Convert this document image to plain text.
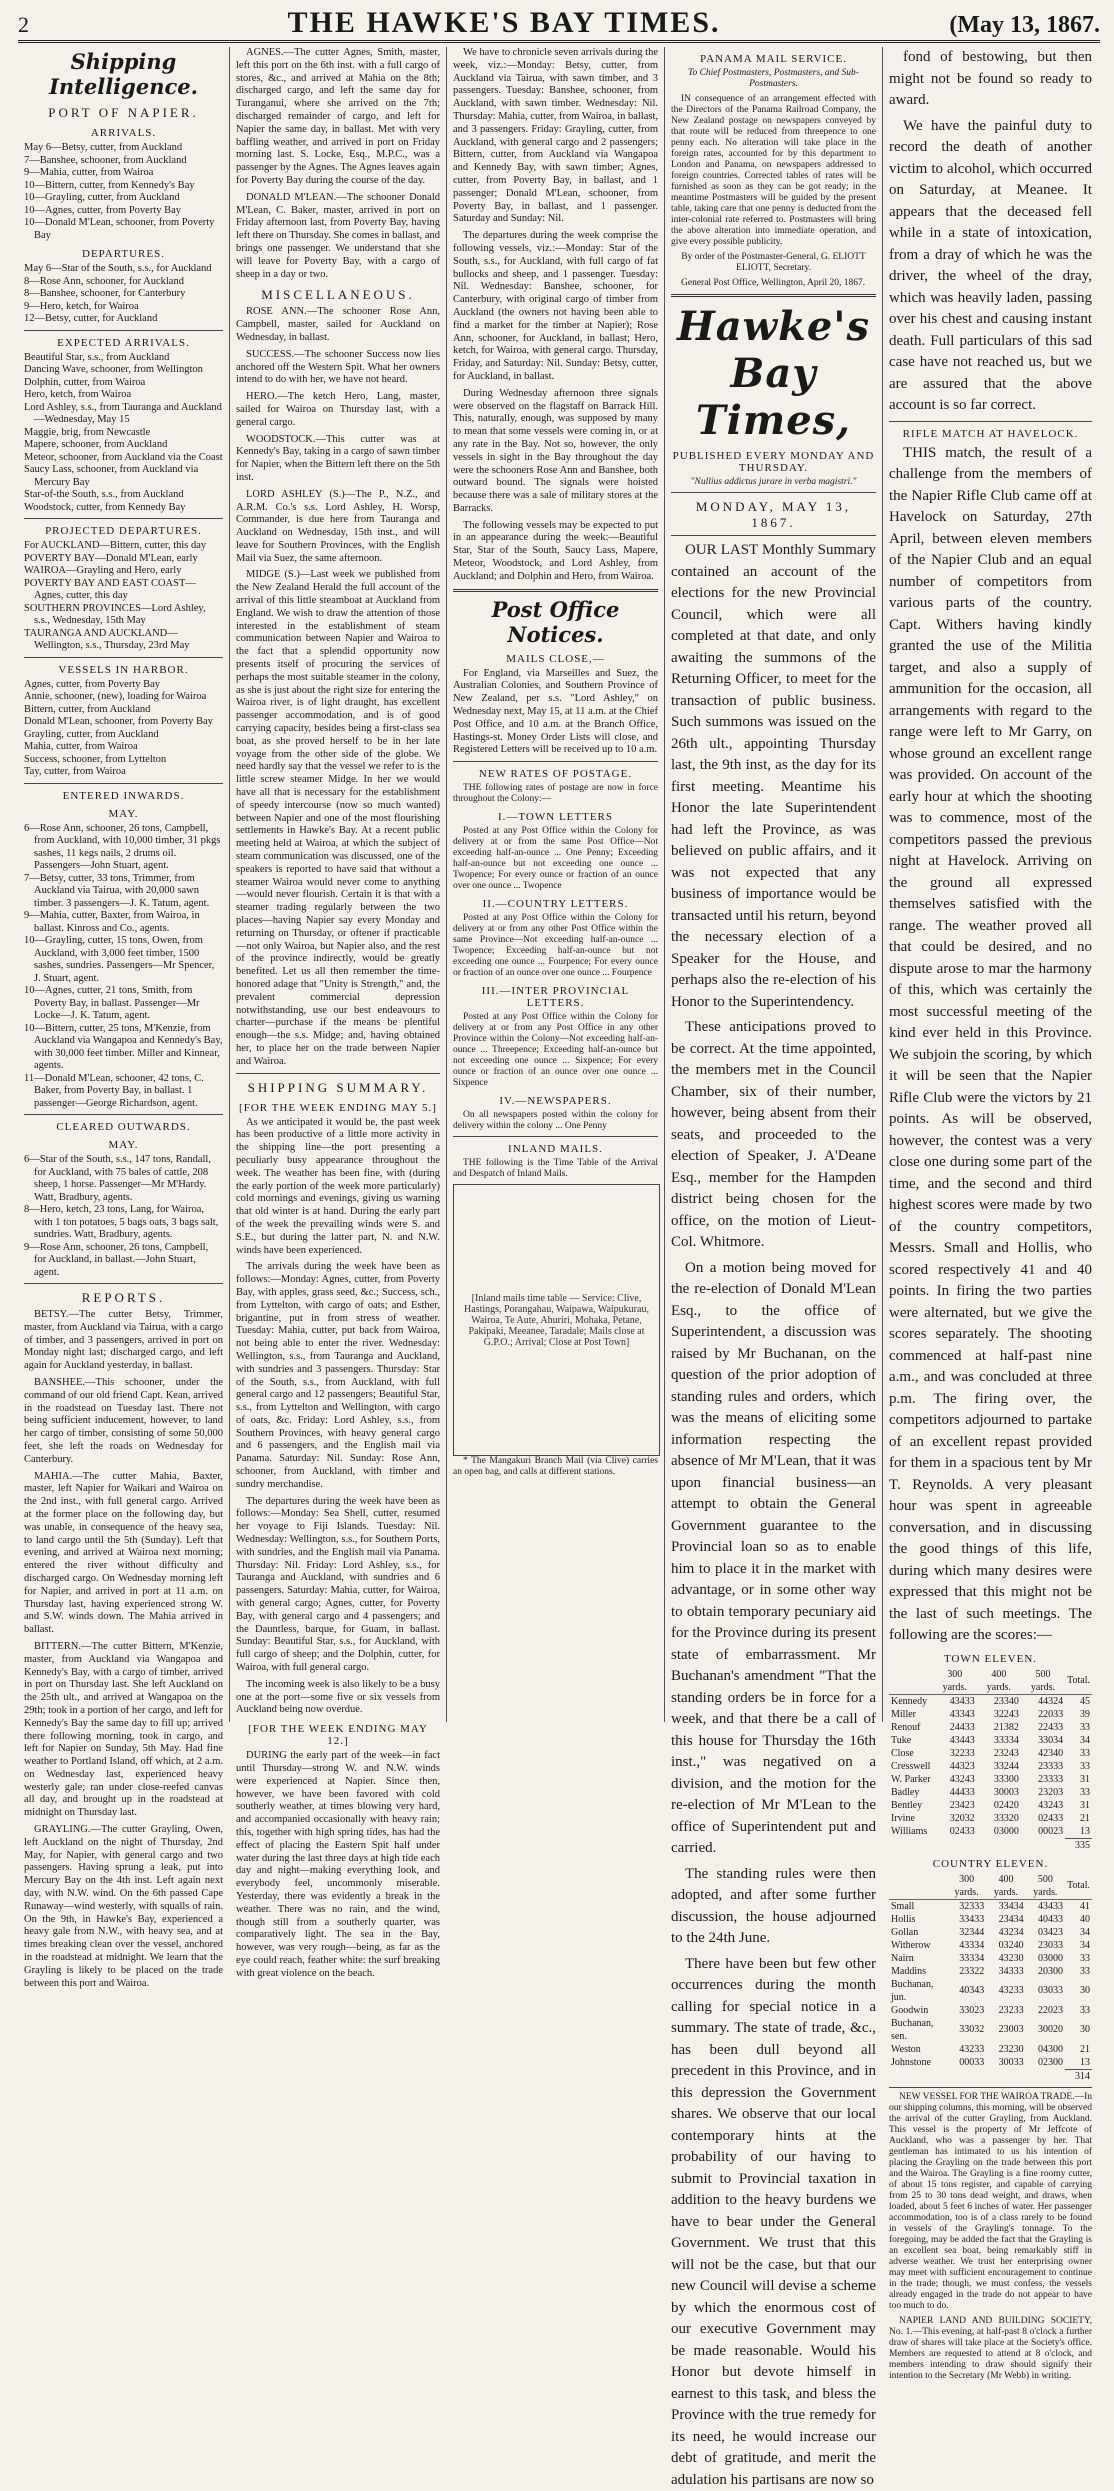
2	THE HAWKE'S BAY TIMES.	(May 13, 1867.
Shipping Intelligence.
PORT OF NAPIER.
ARRIVALS.
May 6—Betsy, cutter, from Auckland
7—Banshee, schooner, from Auckland
9—Mahia, cutter, from Wairoa
10—Bittern, cutter, from Kennedy's Bay
10—Grayling, cutter, from Auckland
10—Agnes, cutter, from Poverty Bay
10—Donald M'Lean, schooner, from Poverty Bay
DEPARTURES.
May 6—Star of the South, s.s., for Auckland
8—Rose Ann, schooner, for Auckland
8—Banshee, schooner, for Canterbury
9—Hero, ketch, for Wairoa
12—Betsy, cutter, for Auckland
EXPECTED ARRIVALS.
Beautiful Star, s.s., from Auckland
Dancing Wave, schooner, from Wellington
Dolphin, cutter, from Wairoa
Hero, ketch, from Wairoa
Lord Ashley, s.s., from Tauranga and Auckland—Wednesday, May 15
Maggie, brig, from Newcastle
Mapere, schooner, from Auckland
Meteor, schooner, from Auckland via the Coast
Saucy Lass, schooner, from Auckland via Mercury Bay
Star-of-the South, s.s., from Auckland
Woodstock, cutter, from Kennedy Bay
PROJECTED DEPARTURES.
For AUCKLAND—Bittern, cutter, this day
POVERTY BAY—Donald M'Lean, early
WAIROA—Grayling and Hero, early
POVERTY BAY AND EAST COAST—Agnes, cutter, this day
SOUTHERN PROVINCES—Lord Ashley, s.s., Wednesday, 15th May
TAURANGA AND AUCKLAND—Wellington, s.s., Thursday, 23rd May
VESSELS IN HARBOR.
Agnes, cutter, from Poverty Bay
Annie, schooner, (new), loading for Wairoa
Bittern, cutter, from Auckland
Donald M'Lean, schooner, from Poverty Bay
Grayling, cutter, from Auckland
Mahia, cutter, from Wairoa
Success, schooner, from Lyttelton
Tay, cutter, from Wairoa
ENTERED INWARDS.
MAY.
6—Rose Ann, schooner, 26 tons, Campbell, from Auckland, with 10,000 timber, 31 pkgs sashes, 11 kegs nails, 2 drums oil. Passengers—John Stuart, agent.
7—Betsy, cutter, 33 tons, Trimmer, from Auckland via Tairua, with 20,000 sawn timber. 3 passengers—J. K. Tatum, agent.
9—Mahia, cutter, Baxter, from Wairoa, in ballast. Kinross and Co., agents.
10—Grayling, cutter, 15 tons, Owen, from Auckland, with 3,000 feet timber, 1500 sashes, sundries. Passengers—Mr Spencer, J. Stuart, agent.
10—Agnes, cutter, 21 tons, Smith, from Poverty Bay, in ballast. Passenger—Mr Locke—J. K. Tatum, agent.
10—Bittern, cutter, 25 tons, M'Kenzie, from Auckland via Wangapoa and Kennedy's Bay, with 30,000 feet timber. Miller and Kinnear, agents.
11—Donald M'Lean, schooner, 42 tons, C. Baker, from Poverty Bay, in ballast. 1 passenger—George Richardson, agent.
CLEARED OUTWARDS.
MAY.
6—Star of the South, s.s., 147 tons, Randall, for Auckland, with 75 bales of cattle, 208 sheep, 1 horse. Passenger—Mr M'Hardy. Watt, Bradbury, agents.
8—Hero, ketch, 23 tons, Lang, for Wairoa, with 1 ton potatoes, 5 bags oats, 3 bags salt, sundries. Watt, Bradbury, agents.
9—Rose Ann, schooner, 26 tons, Campbell, for Auckland, in ballast.—John Stuart, agent.
REPORTS.

BETSY.—The cutter Betsy, Trimmer, master, from Auckland via Tairua, with a cargo of timber, and 3 passengers, arrived in port on Monday night last; discharged cargo, and left again for Auckland yesterday, in ballast.

BANSHEE.—This schooner, under the command of our old friend Capt. Kean, arrived in the roadstead on Tuesday last. There not being sufficient inducement, however, to land her cargo of timber, consisting of some 50,000 feet, she left the roads on Wednesday for Canterbury.

MAHIA.—The cutter Mahia, Baxter, master, left Napier for Waikari and Wairoa on the 2nd inst., with full general cargo. Arrived at the former place on the following day, but was unable, in consequence of the heavy sea, to land cargo until the 5th (Sunday). Left that evening, and arrived at Wairoa next morning; entered the river without difficulty and discharged cargo. On Wednesday morning left for Napier, and arrived in port at 11 a.m. on Thursday last, having experienced strong W. and S.W. winds down. The Mahia arrived in ballast.

BITTERN.—The cutter Bittern, M'Kenzie, master, from Auckland via Wangapoa and Kennedy's Bay, with a cargo of timber, arrived in port on Thursday last. She left Auckland on the 25th ult., and arrived at Wangapoa on the 29th; took in a portion of her cargo, and left for Kennedy's Bay the same day to fill up; arrived there following morning, took in cargo, and left for Napier on Sunday, 5th May. Had fine weather to Portland Island, off which, at 2 a.m. on Wednesday last, experienced heavy westerly gale; ran under close-reefed canvas all day, and brought up in the roadstead at midnight on Thursday last.

GRAYLING.—The cutter Grayling, Owen, left Auckland on the night of Thursday, 2nd May, for Napier, with general cargo and two passengers. Having sprung a leak, put into Mercury Bay on the 4th inst. Left again next day, with N.W. wind. On the 6th passed Cape Runaway—wind westerly, with squalls of rain. On the 9th, in Hawke's Bay, experienced a heavy gale from N.W., with heavy sea, and at times breaking clean over the vessel, anchored in the roadstead at midnight. We learn that the Grayling is likely to be placed on the trade between this port and Wairoa.

AGNES.—The cutter Agnes, Smith, master, left this port on the 6th inst. with a full cargo of stores, &c., and arrived at Mahia on the 8th; discharged cargo, and left the same day for Turanganui, where she arrived on the 7th; discharged remainder of cargo, and left for Napier the same day, in ballast. Met with very baffling weather, and arrived in port on Friday morning last. S. Locke, Esq., M.P.C., was a passenger by the Agnes. The Agnes leaves again for Poverty Bay during the course of the day.

DONALD M'LEAN.—The schooner Donald M'Lean, C. Baker, master, arrived in port on Friday afternoon last, from Poverty Bay, having left there on Thursday. She comes in ballast, and brings one passenger. We understand that she will leave for Poverty Bay, with a cargo of sheep in a day or two.

MISCELLANEOUS.

ROSE ANN.—The schooner Rose Ann, Campbell, master, sailed for Auckland on Wednesday, in ballast.

SUCCESS.—The schooner Success now lies anchored off the Western Spit. What her owners intend to do with her, we have not heard.

HERO.—The ketch Hero, Lang, master, sailed for Wairoa on Thursday last, with a general cargo.

WOODSTOCK.—This cutter was at Kennedy's Bay, taking in a cargo of sawn timber for Napier, when the Bittern left there on the 5th inst.

LORD ASHLEY (S.)—The P., N.Z., and A.R.M. Co.'s s.s. Lord Ashley, H. Worsp, Commander, is due here from Tauranga and Auckland on Wednesday, 15th inst., and will leave for Southern Provinces, with the English Mail via Suez, the same afternoon.

MIDGE (S.)—Last week we published from the New Zealand Herald the full account of the arrival of this little steamboat at Auckland from England. We wish to draw the attention of those interested in the establishment of steam communication between Napier and Wairoa to the fact that a splendid opportunity now presents itself of procuring the services of perhaps the most suitable steamer in the colony, as she is just about the right size for entering the Wairoa river, is of light draught, has excellent passenger accommodation, and is of good carrying capacity, besides being a first-class sea boat, as she proved herself to be in her late voyage from the other side of the globe. We need hardly say that the vessel we refer to is the little screw steamer Midge. In her we would have all that is necessary for the establishment of speedy intercourse (now so much wanted) between Napier and one of the most flourishing settlements in Hawke's Bay. At a recent public meeting held at Wairoa, at which the subject of steam communication was discussed, one of the speakers is reported to have said that without a steamer Wairoa would never come to anything—would never flourish. Certain it is that with a steamer trading regularly between the two places—having Napier say every Monday and returning on Thursday, or oftener if practicable—not only Wairoa, but Napier also, and the rest of the province indirectly, would be greatly benefited. Let us all then remember the time-honored adage that "Unity is Strength," and, the prevalent commercial depression notwithstanding, use our best endeavours to charter—purchase if the means be plentiful enough—the s.s. Midge; and, having obtained her, to place her on the trade between Napier and Wairoa.

SHIPPING SUMMARY.
[FOR THE WEEK ENDING MAY 5.]

As we anticipated it would be, the past week has been productive of a little more activity in the shipping line—the port presenting a peculiarly busy appearance throughout the week. The weather has been fine, with (during the early portion of the week more particularly) cold mornings and evenings, giving us warning that old winter is at hand. During the early part of the week the prevailing winds were S. and S.E., but during the latter part, N. and N.W. winds have been experienced.

The arrivals during the week have been as follows:—Monday: Agnes, cutter, from Poverty Bay, with apples, grass seed, &c.; Success, sch., from Lyttelton, with cargo of oats; and Esther, brigantine, put in from stress of weather. Tuesday: Mahia, cutter, put back from Wairoa, not being able to enter the river. Wednesday: Wellington, s.s., from Tauranga and Auckland, with sundries and 3 passengers. Thursday: Star of the South, s.s., from Auckland, with full general cargo and 12 passengers; Beautiful Star, s.s., from Lyttelton and Wellington, with cargo of oats, &c. Friday: Lord Ashley, s.s., from Southern Provinces, with heavy general cargo and 6 passengers, and the English mail via Panama. Saturday: Nil. Sunday: Rose Ann, schooner, from Auckland, with timber and sundry merchandise.

The departures during the week have been as follows:—Monday: Sea Shell, cutter, resumed her voyage to Fiji Islands. Tuesday: Nil. Wednesday: Wellington, s.s., for Southern Ports, with sundries, and the English mail via Panama. Thursday: Nil. Friday: Lord Ashley, s.s., for Tauranga and Auckland, with sundries and 6 passengers. Saturday: Mahia, cutter, for Wairoa, with general cargo; Agnes, cutter, for Poverty Bay, with general cargo and 4 passengers; and the Dauntless, barque, for Guam, in ballast. Sunday: Beautiful Star, s.s., for Auckland, with full cargo of sheep; and the Dolphin, cutter, for Wairoa, with full general cargo.

The incoming week is also likely to be a busy one at the port—some five or six vessels from Auckland being now overdue.

[FOR THE WEEK ENDING MAY 12.]

DURING the early part of the week—in fact until Thursday—strong W. and N.W. winds were experienced at Napier. Since then, however, we have been favored with cold southerly weather, at times blowing very hard, and accompanied occasionally with heavy rain; this, together with high spring tides, has had the effect of placing the Eastern Spit half under water during the last three days at high tide each day and night—making everything look, and everybody feel, uncommonly miserable. Yesterday, there was evidently a break in the weather. There was no rain, and the wind, though still from a southerly quarter, was comparatively light. The sea in the Bay, however, was very rough—being, as far as the eye could reach, feather white: the surf breaking with great violence on the beach.

We have to chronicle seven arrivals during the week, viz.:—Monday: Betsy, cutter, from Auckland via Tairua, with sawn timber, and 3 passengers. Tuesday: Banshee, schooner, from Auckland, with sawn timber. Wednesday: Nil. Thursday: Mahia, cutter, from Wairoa, in ballast, and 3 passengers. Friday: Grayling, cutter, from Auckland, with general cargo and 2 passengers; Bittern, cutter, from Auckland via Wangapoa and Kennedy Bay, with sawn timber; Agnes, cutter, from Poverty Bay, in ballast, and 1 passenger; Donald M'Lean, schooner, from Poverty Bay, in ballast, and 1 passenger. Saturday and Sunday: Nil.

The departures during the week comprise the following vessels, viz.:—Monday: Star of the South, s.s., for Auckland, with full cargo of fat bullocks and sheep, and 1 passenger. Tuesday: Nil. Wednesday: Banshee, schooner, for Canterbury, with original cargo of timber from Auckland (the owners not having been able to find a market for the timber at Napier); Rose Ann, schooner, for Auckland, in ballast; Hero, ketch, for Wairoa, with general cargo. Thursday, Friday, and Saturday: Nil. Sunday: Betsy, cutter, for Auckland, in ballast.

During Wednesday afternoon three signals were observed on the flagstaff on Barrack Hill. This, naturally, enough, was supposed by many to mean that some vessels were coming in, or at any rate in the Bay. Not so, however, the only vessels in sight in the Bay throughout the day were the schooners Rose Ann and Banshee, both outward bound. The signals were hoisted because there was a sale of military stores at the Barracks.

The following vessels may be expected to put in an appearance during the week:—Beautiful Star, Star of the South, Saucy Lass, Mapere, Meteor, Woodstock, and Lord Ashley, from Auckland; and Dolphin and Hero, from Wairoa.

Post Office Notices.
MAILS CLOSE,—

For England, via Marseilles and Suez, the Australian Colonies, and Southern Province of New Zealand, per s.s. "Lord Ashley," on Wednesday next, May 15, at 11 a.m. at the Chief Post Office, and 10 a.m. at the Branch Office, Hastings-st. Money Order Lists will close, and Registered Letters will be received up to 10 a.m.

NEW RATES OF POSTAGE.

THE following rates of postage are now in force throughout the Colony:—

I.—TOWN LETTERS

Posted at any Post Office within the Colony for delivery at or from the same Post Office—Not exceeding half-an-ounce ... One Penny; Exceeding half-an-ounce but not exceeding one ounce ... Twopence; For every ounce or fraction of an ounce over one ounce ... Twopence

II.—COUNTRY LETTERS.

Posted at any Post Office within the Colony for delivery at or from any other Post Office within the same Province—Not exceeding half-an-ounce ... Twopence; Exceeding half-an-ounce but not exceeding one ounce ... Fourpence; For every ounce or fraction of an ounce over one ounce ... Fourpence

III.—INTER PROVINCIAL LETTERS.

Posted at any Post Office within the Colony for delivery at or from any Post Office in any other Province within the Colony—Not exceeding half-an-ounce ... Threepence; Exceeding half-an-ounce but not exceeding one ounce ... Sixpence; For every ounce or fraction of an ounce over one ounce ... Sixpence

IV.—NEWSPAPERS.

On all newspapers posted within the colony for delivery within the colony ... One Penny

INLAND MAILS.

THE following is the Time Table of the Arrival and Despatch of Inland Mails.

[Inland mails time table — Service: Clive, Hastings, Porangahau, Waipawa, Waipukurau, Wairoa, Te Aute, Ahuriri, Mohaka, Petane, Pakipaki, Meeanee, Taradale; Mails close at G.P.O.; Arrival; Close at Post Town]

* The Mangakuri Branch Mail (via Clive) carries an open bag, and calls at different stations.

PANAMA MAIL SERVICE.

To Chief Postmasters, Postmasters, and Sub-Postmasters.

IN consequence of an arrangement effected with the Directors of the Panama Railroad Company, the New Zealand postage on newspapers conveyed by that route will be reduced from threepence to one penny each. No alteration will take place in the foreign rates, accounted for by this department to London and Panama, on newspapers addressed to foreign countries. Corrected tables of rates will be furnished as soon as they can be got ready; in the meantime Postmasters will be guided by the present table, taking care that one penny is deducted from the inter-colonial rate referred to. Postmasters will bring the above alteration into immediate operation, and give every possible publicity.

By order of the Postmaster-General, G. ELIOTT ELIOTT, Secretary.

General Post Office, Wellington, April 20, 1867.

Hawke's Bay Times,
PUBLISHED EVERY MONDAY AND THURSDAY.

"Nullius addictus jurare in verba magistri."

MONDAY, MAY 13, 1867.

OUR LAST Monthly Summary contained an account of the elections for the new Provincial Council, which were all completed at that date, and only awaiting the summons of the Returning Officer, to meet for the transaction of public business. Such summons was issued on the 26th ult., appointing Thursday last, the 9th inst, as the day for its first meeting. Meantime his Honor the late Superintendent had left the Province, as was believed on public affairs, and it was not expected that any business of importance would be transacted until his return, beyond the necessary election of a Speaker for the House, and perhaps also the re-election of his Honor to the Superintendency.

These anticipations proved to be correct. At the time appointed, the members met in the Council Chamber, six of their number, however, being absent from their seats, and proceeded to the election of Speaker, J. A'Deane Esq., member for the Hampden district being chosen for the office, on the motion of Lieut-Col. Whitmore.

On a motion being moved for the re-election of Donald M'Lean Esq., to the office of Superintendent, a discussion was raised by Mr Buchanan, on the question of the prior adoption of standing rules and orders, which was the means of eliciting some information respecting the absence of Mr M'Lean, that it was upon financial business—an attempt to obtain the General Government guarantee to the Provincial loan so as to enable him to place it in the market with advantage, or in some other way to obtain temporary pecuniary aid for the Province during its present state of embarrassment. Mr Buchanan's amendment "That the standing orders be in force for a week, and that there be a call of this house for Thursday the 16th inst.," was negatived on a division, and the motion for the re-election of Mr M'Lean to the office of Superintendent put and carried.

The standing rules were then adopted, and after some further discussion, the house adjourned to the 24th June.

There have been but few other occurrences during the month calling for special notice in a summary. The state of trade, &c., has been dull beyond all precedent in this Province, and in this depression the Government shares. We observe that our local contemporary hints at the probability of our having to submit to Provincial taxation in addition to the heavy burdens we have to bear under the General Government. We trust that this will not be the case, but that our new Council will devise a scheme by which the enormous cost of our executive Government may be made reasonable. Would his Honor but devote himself in earnest to this task, and bless the Province with the true remedy for its need, he would increase our debt of gratitude, and merit the adulation his partisans are now so

fond of bestowing, but then might not be found so ready to award.

We have the painful duty to record the death of another victim to alcohol, which occurred on Saturday, at Meanee. It appears that the deceased fell while in a state of intoxication, from a dray of which he was the driver, the wheel of the dray, which was heavily laden, passing over his chest and causing instant death. Full particulars of this sad case have not reached us, but we are assured that the above account is so far correct.

RIFLE MATCH AT HAVELOCK.

THIS match, the result of a challenge from the members of the Napier Rifle Club came off at Havelock on Saturday, 27th April, between eleven members of the Napier Club and an equal number of competitors from various parts of the country. Capt. Withers having kindly granted the use of the Militia target, and also a supply of ammunition for the occasion, all arrangements with regard to the range were left to Mr Garry, on whose ground an excellent range was provided. On account of the early hour at which the shooting was to commence, most of the competitors passed the previous night at Havelock. Arriving on the ground all expressed themselves satisfied with the range. The weather proved all that could be desired, and no dispute arose to mar the harmony of this, which was certainly the most successful meeting of the kind ever held in this Province. We subjoin the scoring, by which it will be seen that the Napier Rifle Club were the victors by 21 points. As will be observed, however, the contest was a very close one during some part of the time, and the second and third highest scores were made by two of the country competitors, Messrs. Small and Hollis, who scored respectively 41 and 40 points. In firing the two parties were alternated, but we give the scores separately. The shooting commenced at half-past nine a.m., and was concluded at three p.m. The firing over, the competitors adjourned to partake of an excellent repast provided for them in a spacious tent by Mr T. Reynolds. A very pleasant hour was spent in agreeable conversation, and in discussing the good things of this life, during which many desires were expressed that this might not be the last of such meetings. The following are the scores:—

TOWN ELEVEN.
	300 yards.	400 yards.	500 yards.	Total.
Kennedy	43433	23340	44324	45
Miller	43343	32243	22033	39
Renouf	24433	21382	22433	33
Tuke	43443	33334	33034	34
Close	32233	23243	42340	33
Cresswell	44323	33244	23333	33
W. Parker	43243	33300	23333	31
Badley	44433	30003	23203	33
Bentley	23423	02420	43243	31
Irvine	32032	33320	02433	21
Williams	02433	03000	00023	13
				335
COUNTRY ELEVEN.
	300 yards.	400 yards.	500 yards.	Total.
Small	32333	33434	43433	41
Hollis	33433	23434	40433	40
Gollan	32344	43234	03423	34
Witherow	43334	03240	23033	34
Nairn	33334	43230	03000	33
Maddins	23322	34333	20300	33
Buchanan, jun.	40343	43233	03033	30
Goodwin	33023	23233	22023	33
Buchanan, sen.	33032	23003	30020	30
Weston	43233	23230	04300	21
Johnstone	00033	30033	02300	13
				314

NEW VESSEL FOR THE WAIROA TRADE.—In our shipping columns, this morning, will be observed the arrival of the cutter Grayling, from Auckland. This vessel is the property of Mr Jeffcote of Auckland, who was a passenger by her. That gentleman has intimated to us his intention of placing the Grayling on the trade between this port and the Wairoa. The Grayling is a fine roomy cutter, of about 15 tons register, and capable of carrying from 25 to 30 tons dead weight, and draws, when loaded, about 5 feet 6 inches of water. Her passenger accommodation, too is of a class rarely to be found in vessels of the Grayling's tonnage. To the foregoing, may be added the fact that the Grayling is an excellent sea boat, being remarkably stiff in adverse weather. We trust her enterprising owner may meet with sufficient encouragement to continue in the trade; though, we must confess, the vessels already engaged in the trade do not appear to have too much to do.

NAPIER LAND AND BUILDING SOCIETY, No. 1.—This evening, at half-past 8 o'clock a further draw of shares will take place at the Society's office. Members are requested to attend at 8 o'clock, and members intending to draw should signify their intention to the Secretary (Mr Webb) in writing.
